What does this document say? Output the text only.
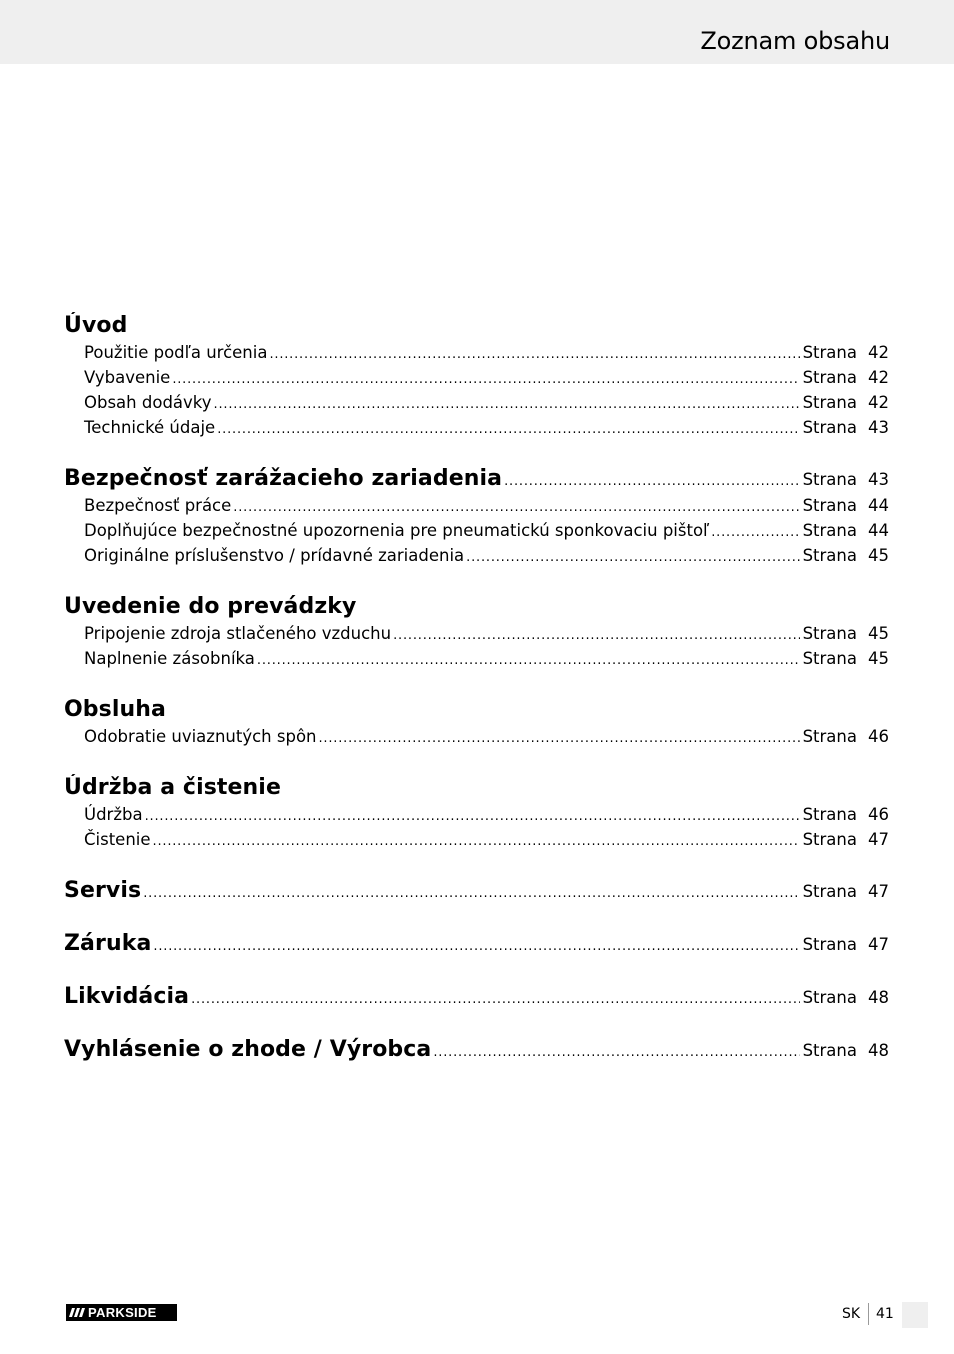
Zoznam obsahu
Úvod
Použitie podľa určenia .....	Strana 42
Vybavenie .....	Strana 42
Obsah dodávky .....	Strana 42
Technické údaje .....	Strana 43
Bezpečnosť zarážacieho zariadenia .....	Strana 43
Bezpečnosť práce .....	Strana 44
Doplňujúce bezpečnostné upozornenia pre pneumatickú sponkovaciu pištoľ .....	Strana 44
Originálne príslušenstvo / prídavné zariadenia .....	Strana 45
Uvedenie do prevádzky
Pripojenie zdroja stlačeného vzduchu .....	Strana 45
Naplnenie zásobníka .....	Strana 45
Obsluha
Odobratie uviaznutých spôn .....	Strana 46
Údržba a čistenie
Údržba .....	Strana 46
Čistenie .....	Strana 47
Servis .....	Strana 47
Záruka .....	Strana 47
Likvidácia .....	Strana 48
Vyhlásenie o zhode / Výrobca .....	Strana 48
PARKSIDE	SK 41
